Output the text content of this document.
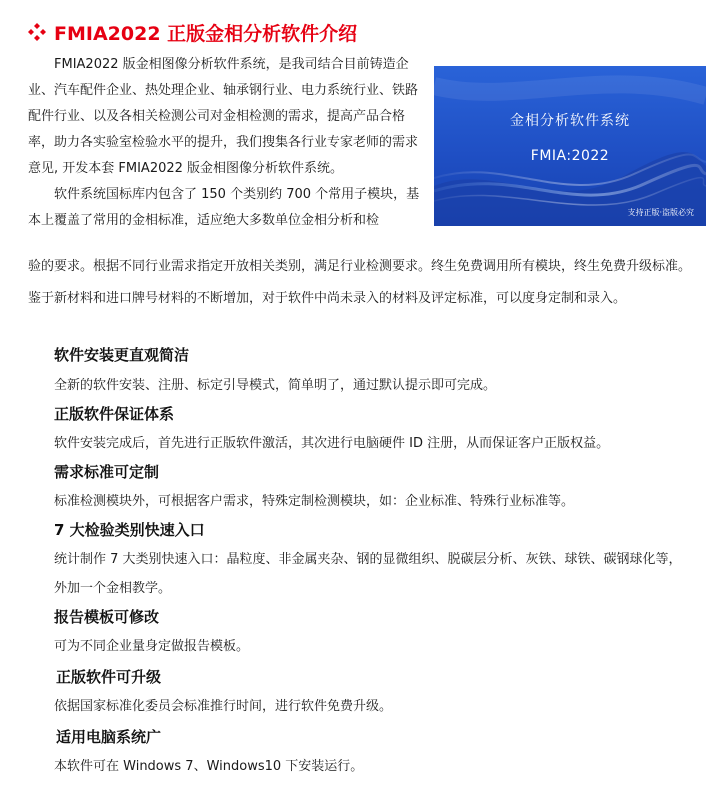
FMIA2022 正版金相分析软件介绍

FMIA2022 版金相图像分析软件系统，是我司结合目前铸造企业、汽车配件企业、热处理企业、轴承钢行业、电力系统行业、铁路配件行业、以及各相关检测公司对金相检测的需求，提高产品合格率，助力各实验室检验水平的提升，我们搜集各行业专家老师的需求意见, 开发本套 FMIA2022 版金相图像分析软件系统。

软件系统国标库内包含了 150 个类别约 700 个常用子模块，基本上覆盖了常用的金相标准，适应绝大多数单位金相分析和检

金相分析软件系统
FMIA:2022
支持正版·盗版必究

验的要求。根据不同行业需求指定开放相关类别，满足行业检测要求。终生免费调用所有模块，终生免费升级标准。

鉴于新材料和进口牌号材料的不断增加，对于软件中尚未录入的材料及评定标准，可以度身定制和录入。

软件安装更直观简洁
全新的软件安装、注册、标定引导模式，简单明了，通过默认提示即可完成。
正版软件保证体系
软件安装完成后，首先进行正版软件激活，其次进行电脑硬件 ID 注册，从而保证客户正版权益。
需求标准可定制
标准检测模块外，可根据客户需求，特殊定制检测模块，如：企业标准、特殊行业标准等。
7 大检验类别快速入口
统计制作 7 大类别快速入口：晶粒度、非金属夹杂、钢的显微组织、脱碳层分析、灰铁、球铁、碳钢球化等，外加一个金相教学。
报告模板可修改
可为不同企业量身定做报告模板。
正版软件可升级
依据国家标准化委员会标准推行时间，进行软件免费升级。
适用电脑系统广
本软件可在 Windows 7、Windows10 下安装运行。
